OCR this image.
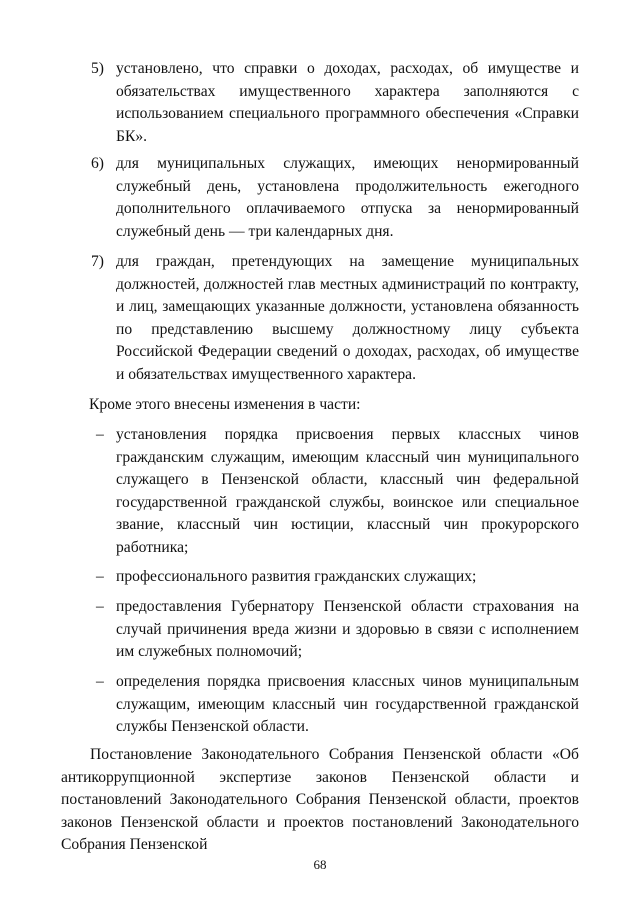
5) установлено, что справки о доходах, расходах, об имуществе и обязательствах имущественного характера заполняются с использованием специального программного обеспечения «Справки БК».
6) для муниципальных служащих, имеющих ненормированный служебный день, установлена продолжительность ежегодного дополнительного оплачиваемого отпуска за ненормированный служебный день — три календарных дня.
7) для граждан, претендующих на замещение муниципальных должностей, должностей глав местных администраций по контракту, и лиц, замещающих указанные должности, установлена обязанность по представлению высшему должностному лицу субъекта Российской Федерации сведений о доходах, расходах, об имуществе и обязательствах имущественного характера.
Кроме этого внесены изменения в части:
– установления порядка присвоения первых классных чинов гражданским служащим, имеющим классный чин муниципального служащего в Пензенской области, классный чин федеральной государственной гражданской службы, воинское или специальное звание, классный чин юстиции, классный чин прокурорского работника;
– профессионального развития гражданских служащих;
– предоставления Губернатору Пензенской области страхования на случай причинения вреда жизни и здоровью в связи с исполнением им служебных полномочий;
– определения порядка присвоения классных чинов муниципальным служащим, имеющим классный чин государственной гражданской службы Пензенской области.
Постановление Законодательного Собрания Пензенской области «Об антикоррупционной экспертизе законов Пензенской области и постановлений Законодательного Собрания Пензенской области, проектов законов Пензенской области и проектов постановлений Законодательного Собрания Пензенской
68
